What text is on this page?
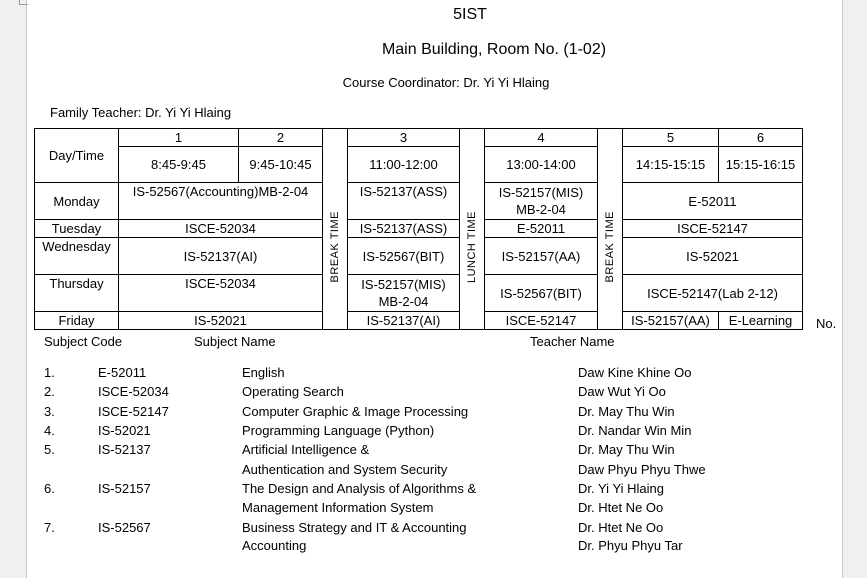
5IST
Main Building, Room No. (1-02)
Course Coordinator: Dr. Yi Yi Hlaing
Family Teacher: Dr. Yi Yi Hlaing
Day/Time	1	2	BREAK TIME	3	LUNCH TIME	4	BREAK TIME	5	6
	8:45-9:45	9:45-10:45		11:00-12:00		13:00-14:00		14:15-15:15	15:15-16:15
Monday	IS-52567(Accounting)MB-2-04			IS-52137(ASS)		IS-52157(MIS) MB-2-04		E-52011	
Tuesday	ISCE-52034			IS-52137(ASS)		E-52011		ISCE-52147	
Wednesday	IS-52137(AI)			IS-52567(BIT)		IS-52157(AA)		IS-52021	
Thursday	ISCE-52034			IS-52157(MIS) MB-2-04		IS-52567(BIT)		ISCE-52147(Lab 2-12)	
Friday	IS-52021			IS-52137(AI)		ISCE-52147		IS-52157(AA)	E-Learning No.
Subject Code	Subject Name	Teacher Name
1.	E-52011	English	Daw Kine Khine Oo
2.	ISCE-52034	Operating Search	Daw Wut Yi Oo
3.	ISCE-52147	Computer Graphic & Image Processing	Dr. May Thu Win
4.	IS-52021	Programming Language (Python)	Dr. Nandar Win Min
5.	IS-52137	Artificial Intelligence &	Dr. May Thu Win
Authentication and System Security	Daw Phyu Phyu Thwe
6.	IS-52157	The Design and Analysis of Algorithms &	Dr. Yi Yi Hlaing
Management Information System	Dr. Htet Ne Oo
7.	IS-52567	Business Strategy and IT & Accounting	Dr. Htet Ne Oo
Accounting	Dr. Phyu Phyu Tar
